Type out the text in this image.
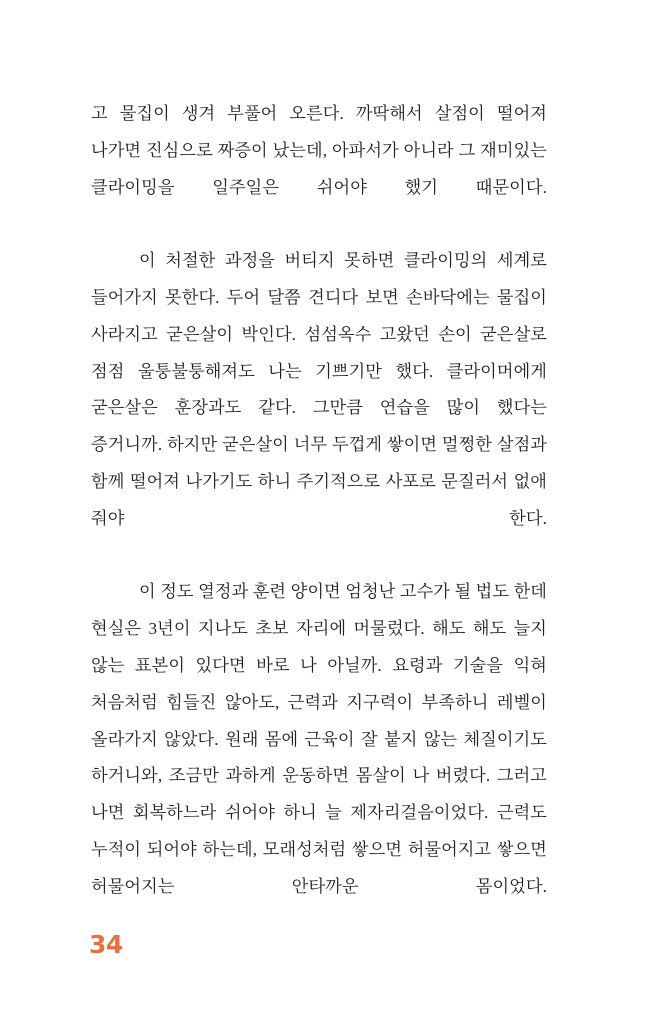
고 물집이 생겨 부풀어 오른다. 까딱해서 살점이 떨어져 나가면 진심으로 짜증이 났는데, 아파서가 아니라 그 재미있는 클라이밍을 일주일은 쉬어야 했기 때문이다.

이 처절한 과정을 버티지 못하면 클라이밍의 세계로 들어가지 못한다. 두어 달쯤 견디다 보면 손바닥에는 물집이 사라지고 굳은살이 박인다. 섬섬옥수 고왔던 손이 굳은살로 점점 울퉁불퉁해져도 나는 기쁘기만 했다. 클라이머에게 굳은살은 훈장과도 같다. 그만큼 연습을 많이 했다는 증거니까. 하지만 굳은살이 너무 두껍게 쌓이면 멀쩡한 살점과 함께 떨어져 나가기도 하니 주기적으로 사포로 문질러서 없애 줘야 한다.

이 정도 열정과 훈련 양이면 엄청난 고수가 될 법도 한데 현실은 3년이 지나도 초보 자리에 머물렀다. 해도 해도 늘지 않는 표본이 있다면 바로 나 아닐까. 요령과 기술을 익혀 처음처럼 힘들진 않아도, 근력과 지구력이 부족하니 레벨이 올라가지 않았다. 원래 몸에 근육이 잘 붙지 않는 체질이기도 하거니와, 조금만 과하게 운동하면 몸살이 나 버렸다. 그러고 나면 회복하느라 쉬어야 하니 늘 제자리걸음이었다. 근력도 누적이 되어야 하는데, 모래성처럼 쌓으면 허물어지고 쌓으면 허물어지는 안타까운 몸이었다.

34
